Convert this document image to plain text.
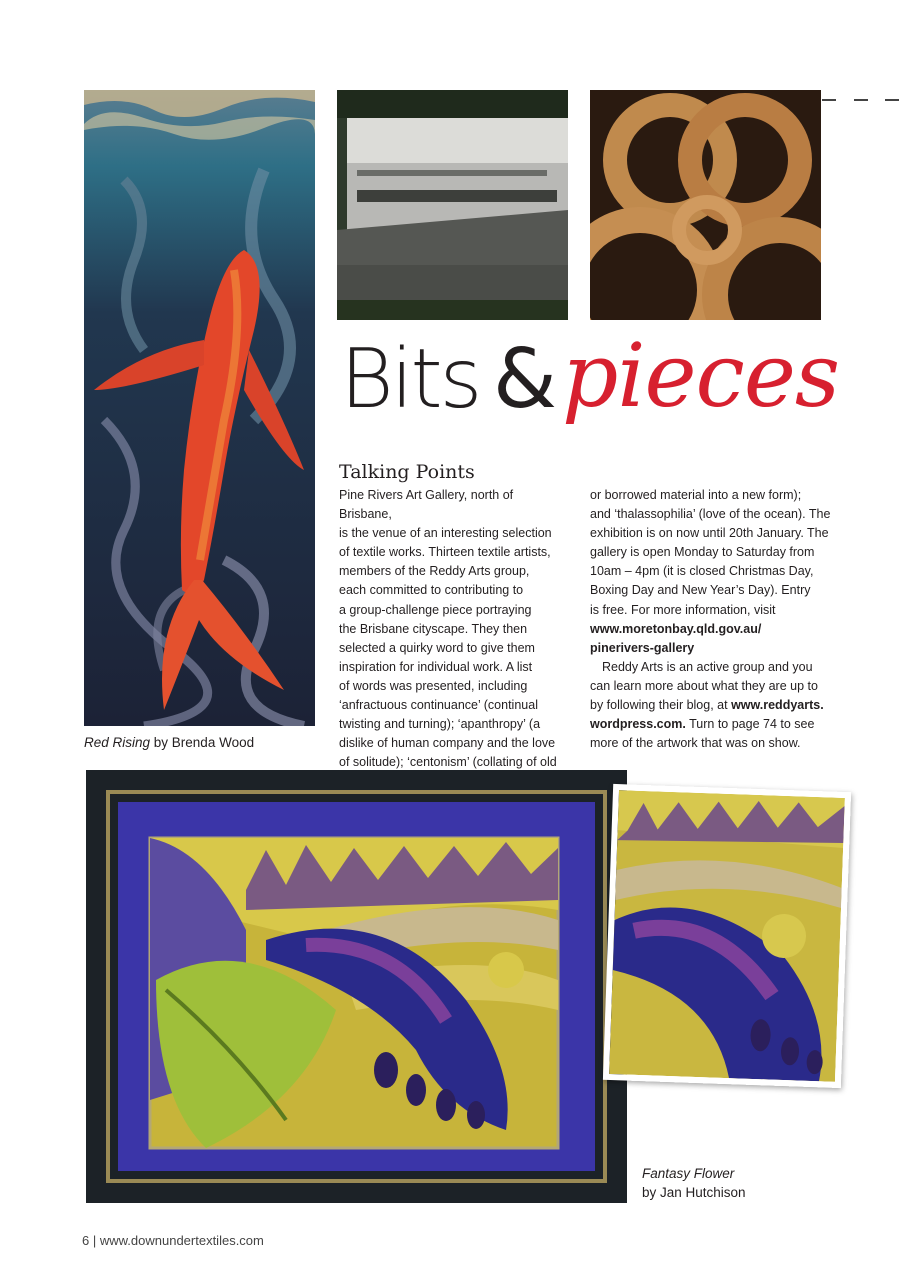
Bits & pieces
Talking Points

Pine Rivers Art Gallery, north of Brisbane,

is the venue of an interesting selection

of textile works. Thirteen textile artists,

members of the Reddy Arts group,

each committed to contributing to

a group-challenge piece portraying

the Brisbane cityscape. They then

selected a quirky word to give them

inspiration for individual work. A list

of words was presented, including

‘anfractuous continuance’ (continual

twisting and turning); ‘apanthropy’ (a

dislike of human company and the love

of solitude); ‘centonism’ (collating of old

or borrowed material into a new form);

and ‘thalassophilia’ (love of the ocean). The

exhibition is on now until 20th January. The

gallery is open Monday to Saturday from

10am – 4pm (it is closed Christmas Day,

Boxing Day and New Year’s Day). Entry

is free. For more information, visit

www.moretonbay.qld.gov.au/

pinerivers-gallery

Reddy Arts is an active group and you

can learn more about what they are up to

by following their blog, at www.reddyarts.

wordpress.com. Turn to page 74 to see

more of the artwork that was on show.

Red Rising by Brenda Wood
Fantasy Flower
by Jan Hutchison
6 | www.downundertextiles.com
